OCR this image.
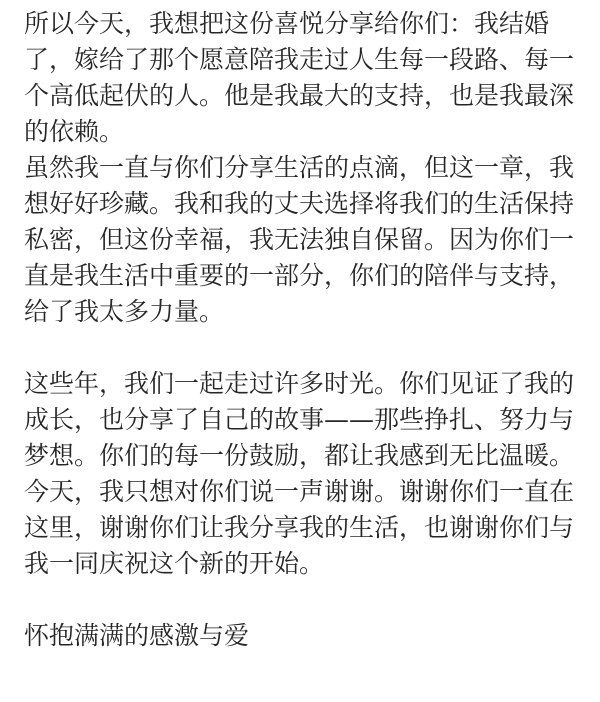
所以今天，我想把这份喜悦分享给你们：我结婚
了，嫁给了那个愿意陪我走过人生每一段路、每一
个高低起伏的人。他是我最大的支持，也是我最深
的依赖。
虽然我一直与你们分享生活的点滴，但这一章，我
想好好珍藏。我和我的丈夫选择将我们的生活保持
私密，但这份幸福，我无法独自保留。因为你们一
直是我生活中重要的一部分，你们的陪伴与支持，
给了我太多力量。
这些年，我们一起走过许多时光。你们见证了我的
成长，也分享了自己的故事——那些挣扎、努力与
梦想。你们的每一份鼓励，都让我感到无比温暖。
今天，我只想对你们说一声谢谢。谢谢你们一直在
这里，谢谢你们让我分享我的生活，也谢谢你们与
我一同庆祝这个新的开始。
怀抱满满的感激与爱
